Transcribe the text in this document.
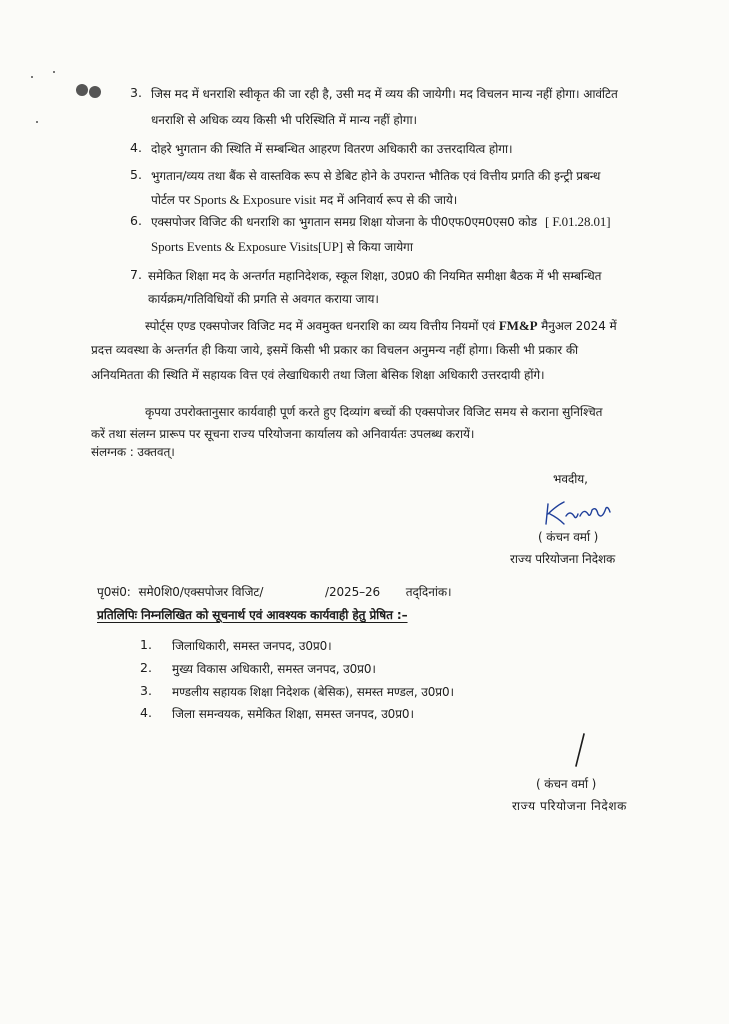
3. जिस मद में धनराशि स्वीकृत की जा रही है, उसी मद में व्यय की जायेगी। मद विचलन मान्य नहीं होगा। आवंटित
धनराशि से अधिक व्यय किसी भी परिस्थिति में मान्य नहीं होगा।
4. दोहरे भुगतान की स्थिति में सम्बन्धित आहरण वितरण अधिकारी का उत्तरदायित्व होगा।
5. भुगतान/व्यय तथा बैंक से वास्तविक रूप से डेबिट होने के उपरान्त भौतिक एवं वित्तीय प्रगति की इन्ट्री प्रबन्ध
पोर्टल पर Sports & Exposure visit मद में अनिवार्य रूप से की जाये।
6. एक्सपोजर विजिट की धनराशि का भुगतान समग्र शिक्षा योजना के पी0एफ0एम0एस0 कोड [ F.01.28.01]
Sports Events & Exposure Visits[UP] से किया जायेगा
7. समेकित शिक्षा मद के अन्तर्गत महानिदेशक, स्कूल शिक्षा, उ0प्र0 की नियमित समीक्षा बैठक में भी सम्बन्धित
कार्यक्रम/गतिविधियों की प्रगति से अवगत कराया जाय।
स्पोर्ट्स एण्ड एक्सपोजर विजिट मद में अवमुक्त धनराशि का व्यय वित्तीय नियमों एवं FM&P मैनुअल 2024 में
प्रदत्त व्यवस्था के अन्तर्गत ही किया जाये, इसमें किसी भी प्रकार का विचलन अनुमन्य नहीं होगा। किसी भी प्रकार की
अनियमितता की स्थिति में सहायक वित्त एवं लेखाधिकारी तथा जिला बेसिक शिक्षा अधिकारी उत्तरदायी होंगे।
कृपया उपरोक्तानुसार कार्यवाही पूर्ण करते हुए दिव्यांग बच्चों की एक्सपोजर विजिट समय से कराना सुनिश्चित
करें तथा संलग्न प्रारूप पर सूचना राज्य परियोजना कार्यालय को अनिवार्यतः उपलब्ध करायें।
संलग्नक : उक्तवत्।
भवदीय,
( कंचन वर्मा )
राज्य परियोजना निदेशक
पृ0सं0: समे0शि0/एक्सपोजर विजिट/	/2025–26 तद्‌दिनांक।
प्रतिलिपिः निम्नलिखित को सूचनार्थ एवं आवश्यक कार्यवाही हेतु प्रेषित :–
1. जिलाधिकारी, समस्त जनपद, उ0प्र0।
2. मुख्य विकास अधिकारी, समस्त जनपद, उ0प्र0।
3. मण्डलीय सहायक शिक्षा निदेशक (बेसिक), समस्त मण्डल, उ0प्र0।
4. जिला समन्वयक, समेकित शिक्षा, समस्त जनपद, उ0प्र0।
( कंचन वर्मा )
राज्य परियोजना निदेशक
